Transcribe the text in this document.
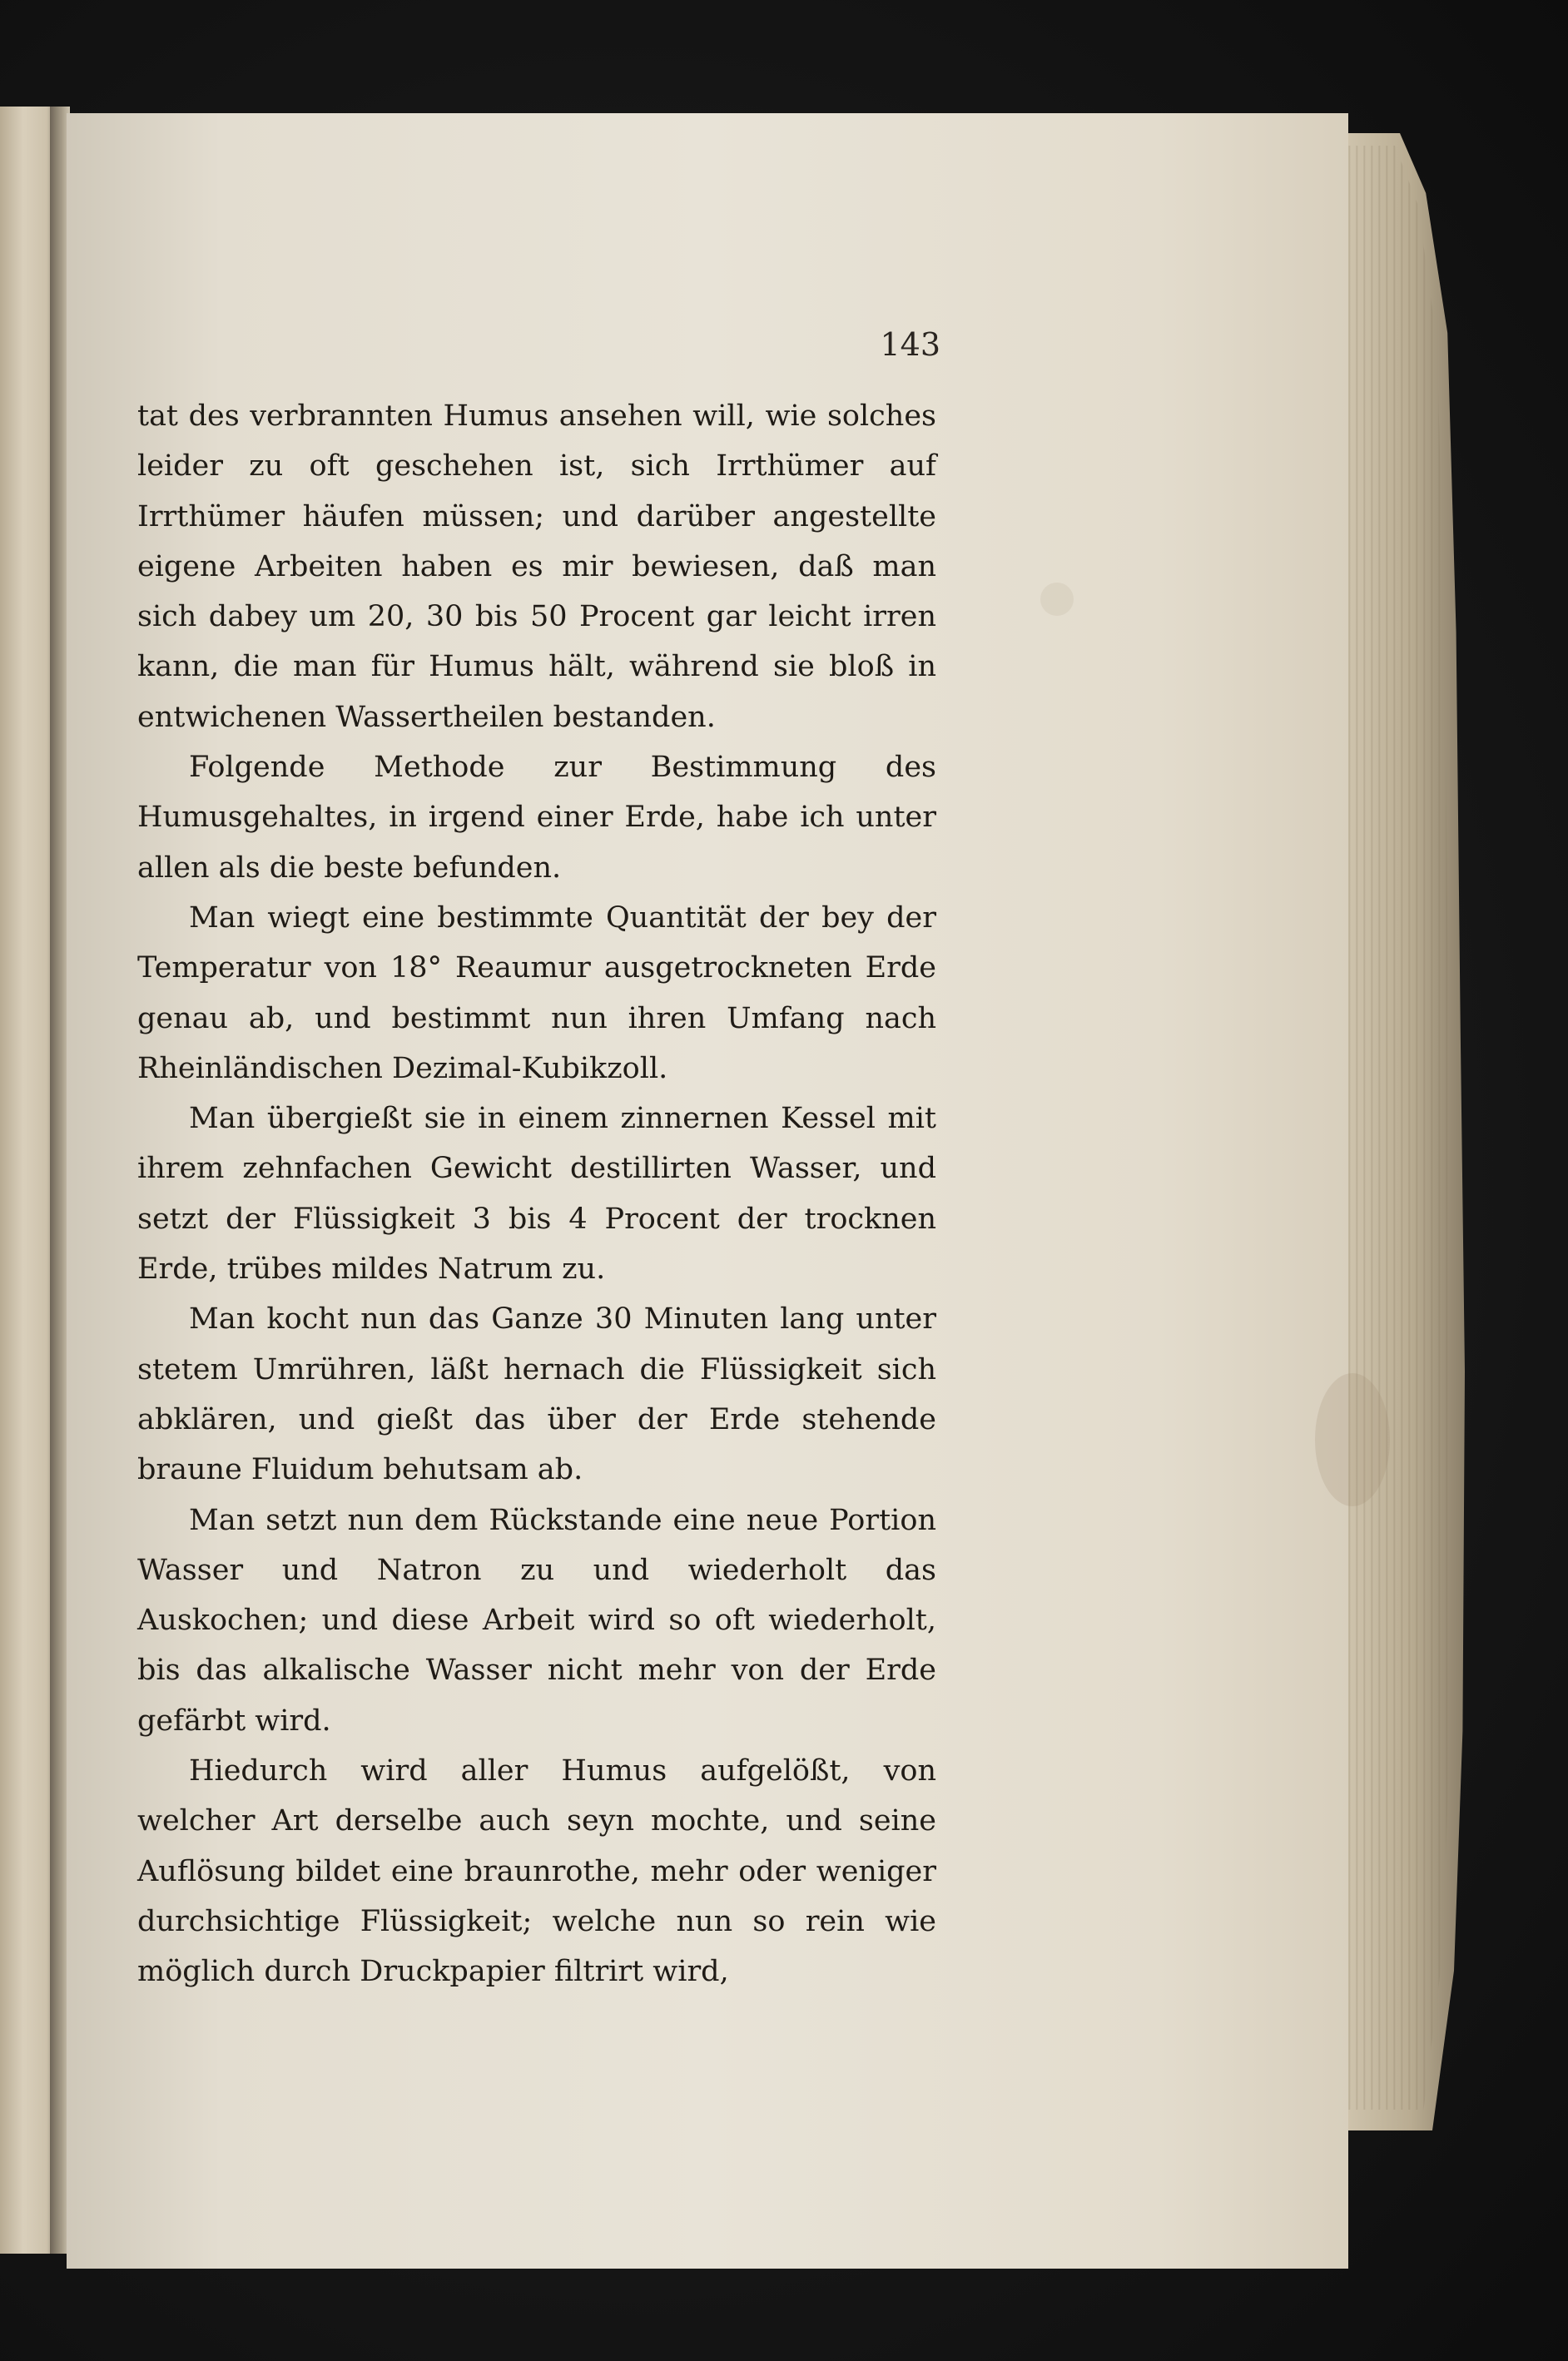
143

tat des verbrannten Humus ansehen will, wie solches leider zu oft geschehen ist, sich Irrthümer auf Irrthümer häufen müssen; und darüber angestellte eigene Arbeiten haben es mir bewiesen, daß man sich dabey um 20, 30 bis 50 Procent gar leicht irren kann, die man für Humus hält, während sie bloß in entwichenen Wassertheilen bestanden.

Folgende Methode zur Bestimmung des Humusgehaltes, in irgend einer Erde, habe ich unter allen als die beste befunden.

Man wiegt eine bestimmte Quantität der bey der Temperatur von 18° Reaumur ausgetrockneten Erde genau ab, und bestimmt nun ihren Umfang nach Rheinländischen Dezimal-Kubikzoll.

Man übergießt sie in einem zinnernen Kessel mit ihrem zehnfachen Gewicht destillirten Wasser, und setzt der Flüssigkeit 3 bis 4 Procent der trocknen Erde, trübes mildes Natrum zu.

Man kocht nun das Ganze 30 Minuten lang unter stetem Umrühren, läßt hernach die Flüssigkeit sich abklären, und gießt das über der Erde stehende braune Fluidum behutsam ab.

Man setzt nun dem Rückstande eine neue Portion Wasser und Natron zu und wiederholt das Auskochen; und diese Arbeit wird so oft wiederholt, bis das alkalische Wasser nicht mehr von der Erde gefärbt wird.

Hiedurch wird aller Humus aufgelößt, von welcher Art derselbe auch seyn mochte, und seine Auflösung bildet eine braunrothe, mehr oder weniger durchsichtige Flüssigkeit; welche nun so rein wie möglich durch Druckpapier filtrirt wird,
